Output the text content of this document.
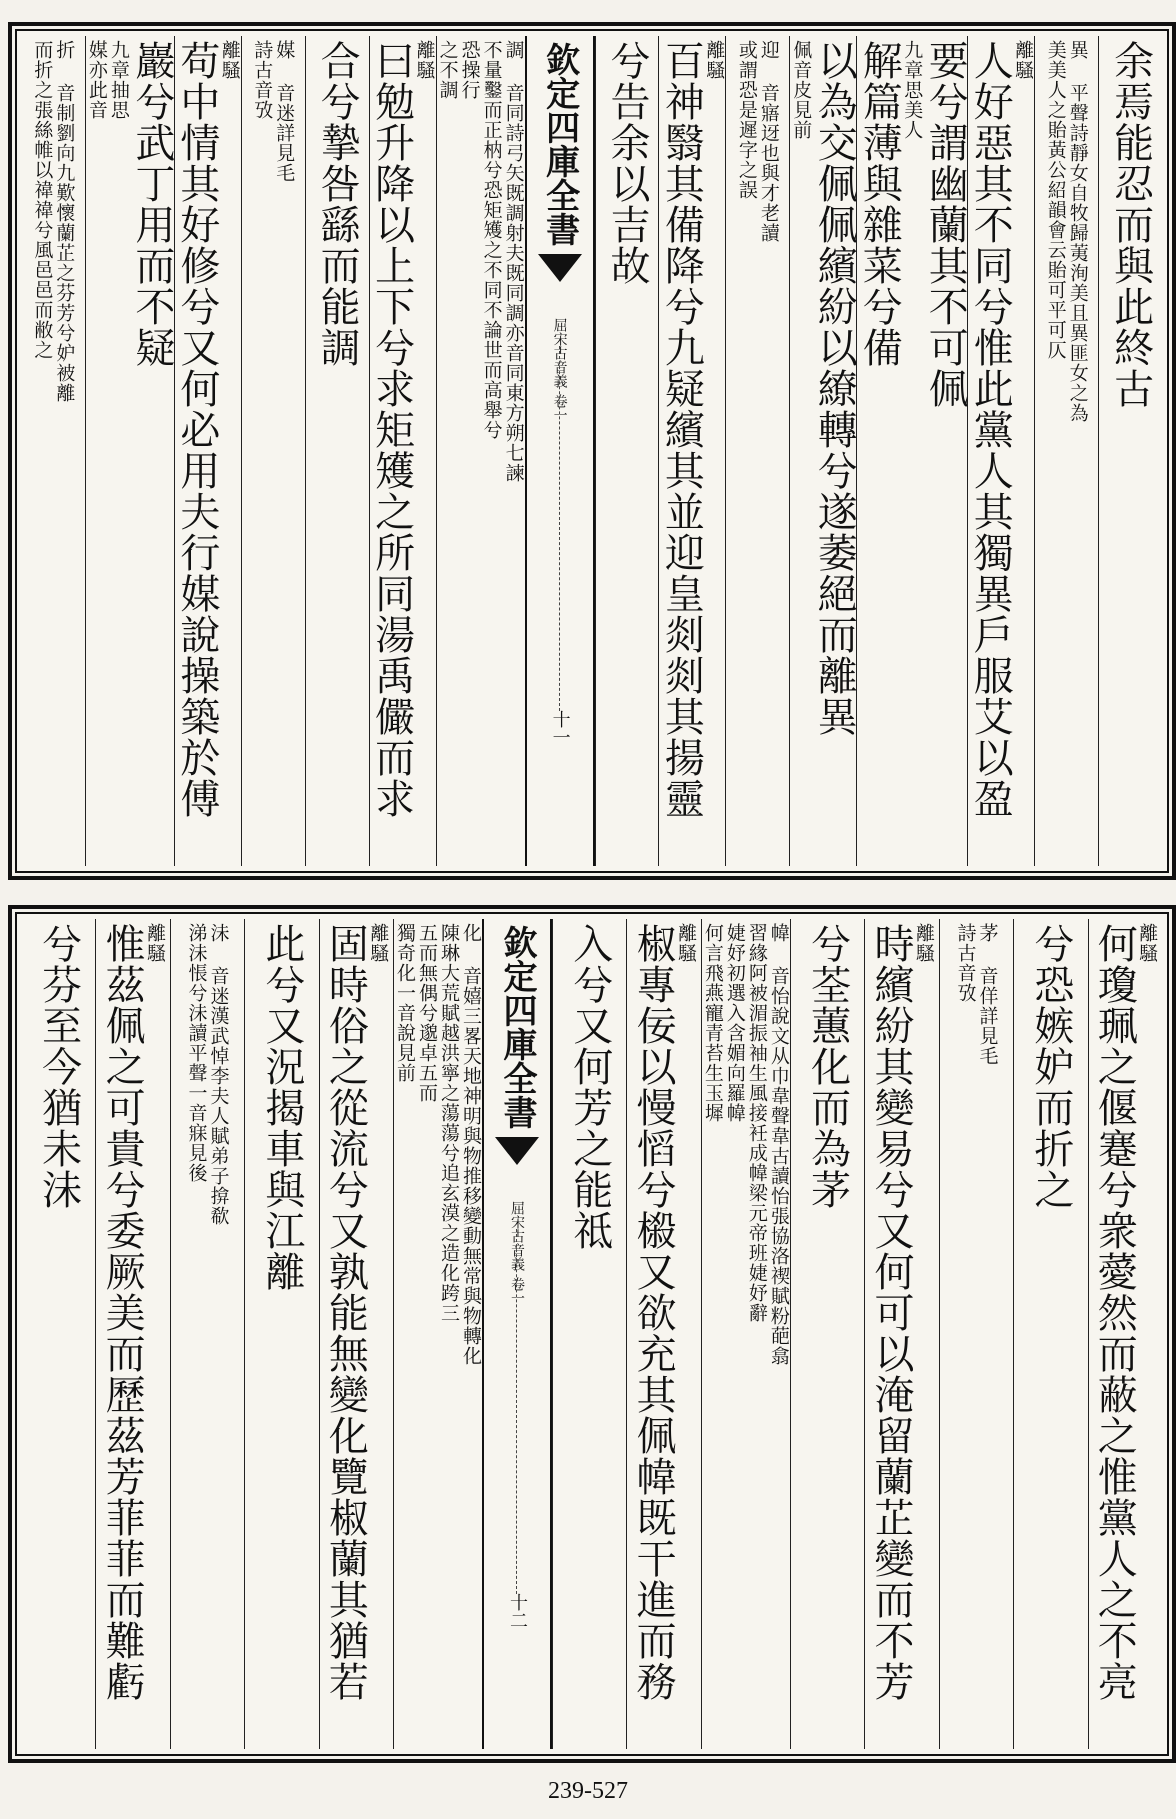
余焉能忍而與此終古
異 平聲詩靜女自牧歸荑洵美且異匪女之為
美美人之貽黃公紹韻會云貽可平可仄
離騷
人好惡其不同兮惟此黨人其獨異戶服艾以盈
要兮謂幽蘭其不可佩
九章思美人
解篇薄與雜菜兮備
以為交佩佩繽紛以繚轉兮遂萎絕而離異
佩音皮見前
迎 音寤迓也與才老讀
或謂恐是遲字之誤
離騷
百神翳其備降兮九疑繽其並迎皇剡剡其揚靈
兮告余以吉故
欽定四庫全書
屈宋古音義
卷一
十一
調 音同詩弓矢既調射夫既同調亦音同東方朔七諫
不量鑿而正枘兮恐矩矱之不同不論世而高舉兮
恐操行
之不調
離騷
曰勉升降以上下兮求矩矱之所同湯禹儼而求
合兮摯咎繇而能調
媒 音迷詳見毛
詩古音攷
離騷
苟中情其好修兮又何必用夫行媒說操築於傅
巖兮武丁用而不疑
九章抽思
媒亦此音
折 音制劉向九歎懷蘭芷之芬芳兮妒被離
而折之張絲帷以禕禕兮風邑邑而敝之
離騷
何瓊珮之偃蹇兮衆薆然而蔽之惟黨人之不亮
兮恐嫉妒而折之
茅 音佯詳見毛
詩古音攷
離騷
時繽紛其變易兮又何可以淹留蘭芷變而不芳
兮荃蕙化而為茅
幃 音怡說文从巾韋聲韋古讀怡張協洛禊賦粉葩翕
習緣阿被湄振袖生風接衽成幃梁元帝班婕妤辭
婕妤初選入含媚向羅幃
何言飛燕寵青苔生玉墀
離騷
椒專佞以慢慆兮榝又欲充其佩幃既干進而務
入兮又何芳之能祗
欽定四庫全書
屈宋古音義
卷一
十二
化 音嬉三畧天地神明與物推移變動無常與物轉化
陳琳大荒賦越洪寧之蕩蕩兮追玄漠之造化跨三
五而無偶兮邈卓五而
獨奇化一音說見前
離騷
固時俗之從流兮又孰能無變化覽椒蘭其猶若
此兮又況揭車與江離
沬 音迷漢武悼李夫人賦弟子揜欷
涕沬悵兮沬讀平聲一音寐見後
離騷
惟茲佩之可貴兮委厥美而歷茲芳菲菲而難虧
兮芬至今猶未沬
239-527
